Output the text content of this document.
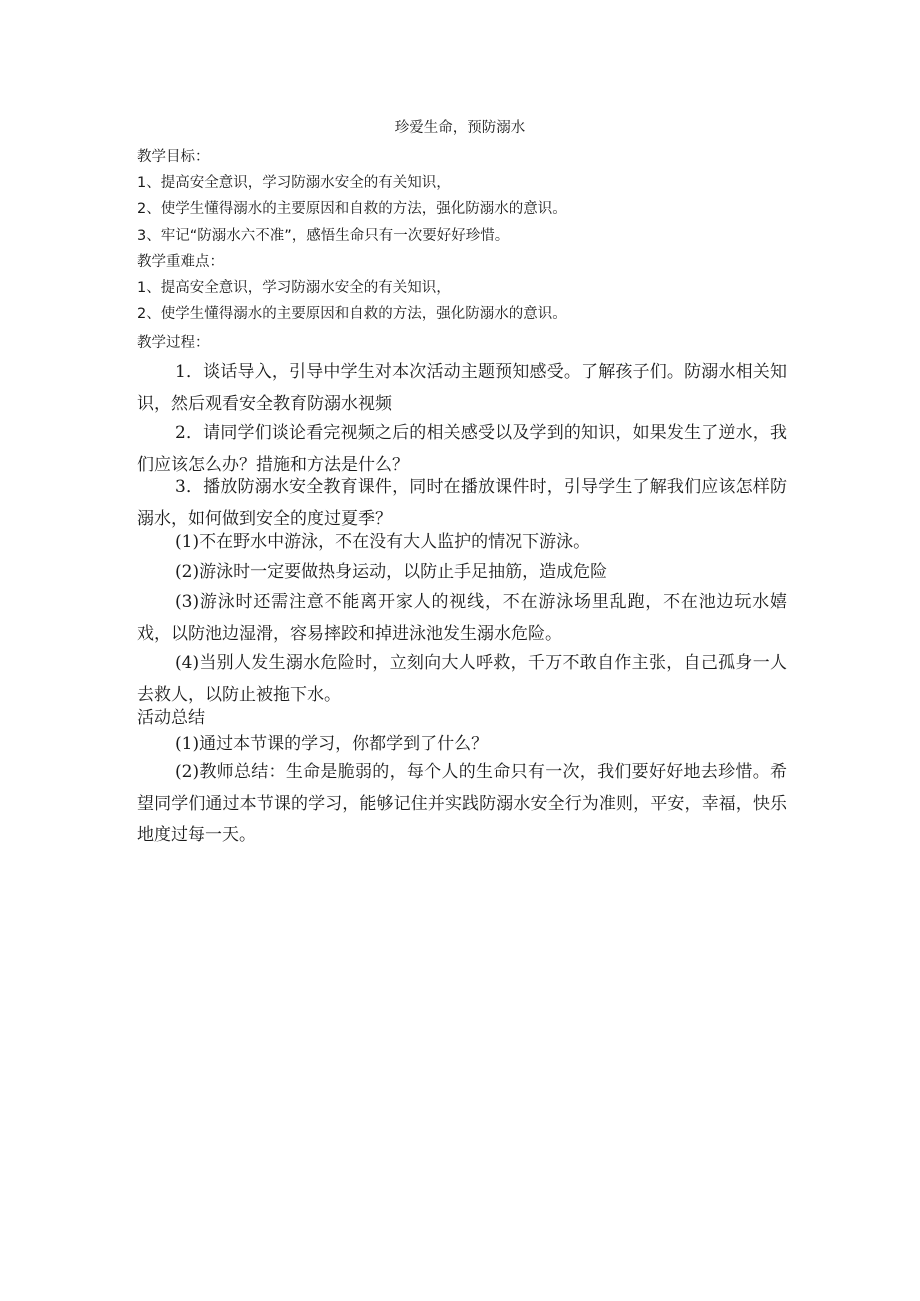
珍爱生命，预防溺水

教学目标：

1、提高安全意识，学习防溺水安全的有关知识，

2、使学生懂得溺水的主要原因和自救的方法，强化防溺水的意识。

3、牢记“防溺水六不准”，感悟生命只有一次要好好珍惜。

教学重难点：

1、提高安全意识，学习防溺水安全的有关知识，

2、使学生懂得溺水的主要原因和自救的方法，强化防溺水的意识。

教学过程：

1．谈话导入，引导中学生对本次活动主题预知感受。了解孩子们。防溺水相关知识，然后观看安全教育防溺水视频

2．请同学们谈论看完视频之后的相关感受以及学到的知识，如果发生了逆水，我们应该怎么办？措施和方法是什么？

3．播放防溺水安全教育课件，同时在播放课件时，引导学生了解我们应该怎样防溺水，如何做到安全的度过夏季？

(1)不在野水中游泳，不在没有大人监护的情况下游泳。

(2)游泳时一定要做热身运动，以防止手足抽筋，造成危险

(3)游泳时还需注意不能离开家人的视线，不在游泳场里乱跑，不在池边玩水嬉戏，以防池边湿滑，容易摔跤和掉进泳池发生溺水危险。

(4)当别人发生溺水危险时，立刻向大人呼救，千万不敢自作主张，自己孤身一人去救人，以防止被拖下水。

活动总结

(1)通过本节课的学习，你都学到了什么？

(2)教师总结：生命是脆弱的，每个人的生命只有一次，我们要好好地去珍惜。希望同学们通过本节课的学习，能够记住并实践防溺水安全行为准则，平安，幸福，快乐地度过每一天。
